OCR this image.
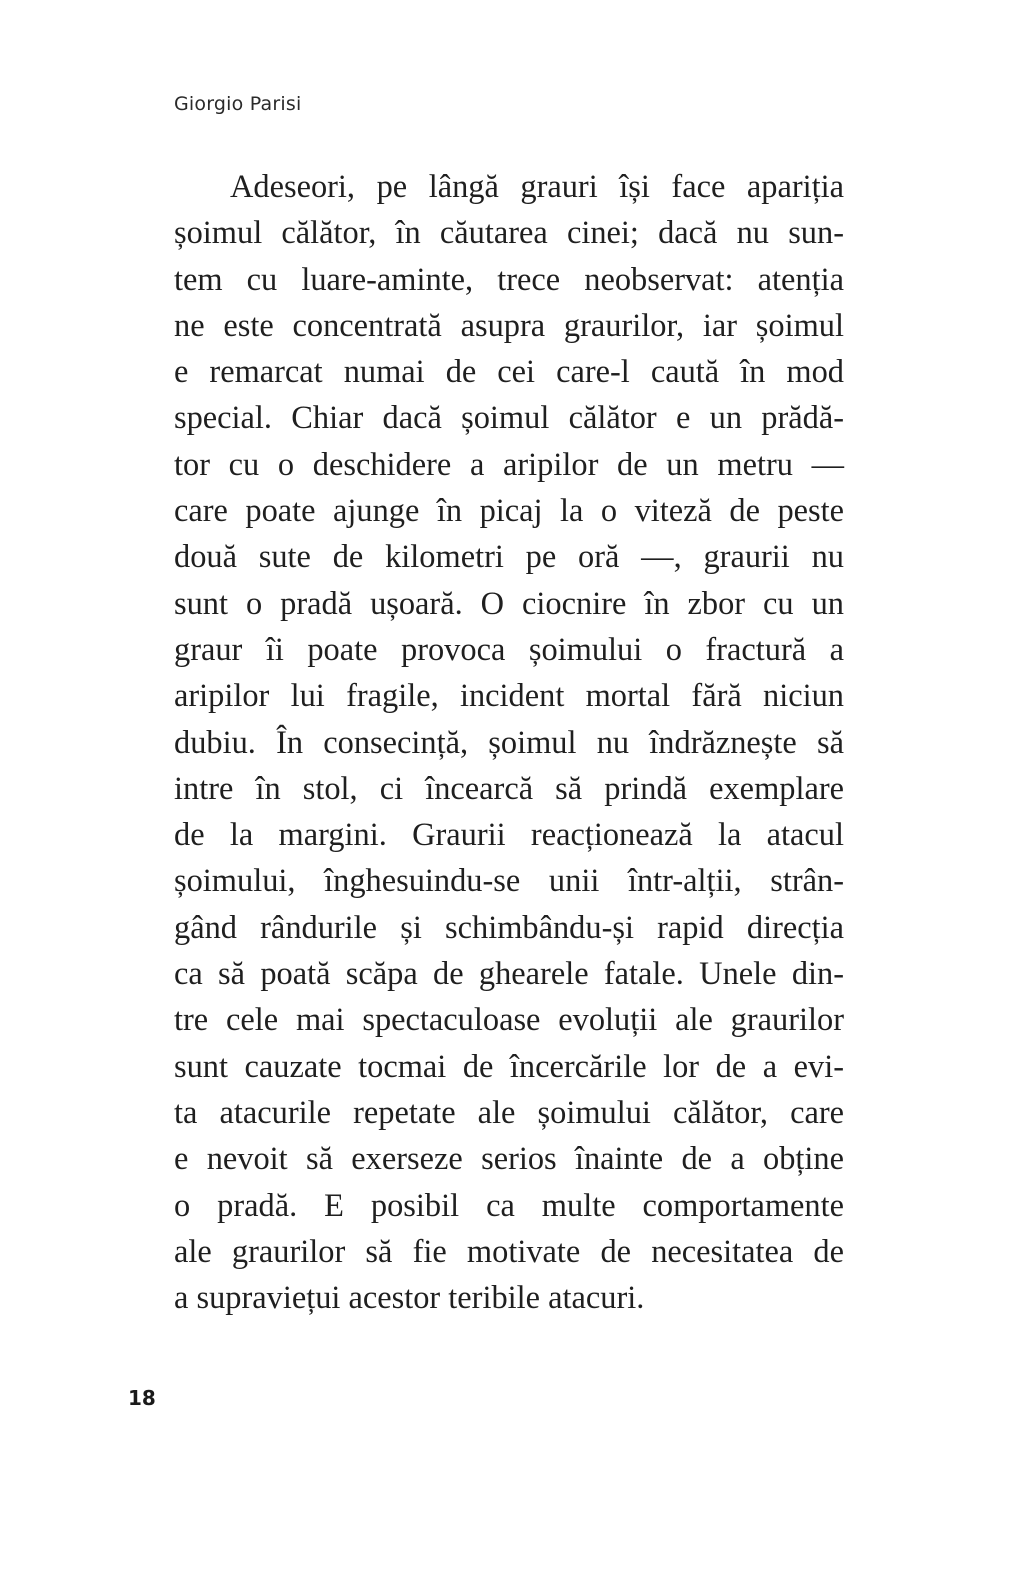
Giorgio Parisi
Adeseori, pe lângă grauri își face apariția
șoimul călător, în căutarea cinei; dacă nu sun-
tem cu luare-aminte, trece neobservat: atenția
ne este concentrată asupra graurilor, iar șoimul
e remarcat numai de cei care-l caută în mod
special. Chiar dacă șoimul călător e un prădă-
tor cu o deschidere a aripilor de un metru —
care poate ajunge în picaj la o viteză de peste
două sute de kilometri pe oră —, graurii nu
sunt o pradă ușoară. O ciocnire în zbor cu un
graur îi poate provoca șoimului o fractură a
aripilor lui fragile, incident mortal fără niciun
dubiu. În consecință, șoimul nu îndrăznește să
intre în stol, ci încearcă să prindă exemplare
de la margini. Graurii reacționează la atacul
șoimului, înghesuindu-se unii într-alții, strân-
gând rândurile și schimbându-și rapid direcția
ca să poată scăpa de ghearele fatale. Unele din-
tre cele mai spectaculoase evoluții ale graurilor
sunt cauzate tocmai de încercările lor de a evi-
ta atacurile repetate ale șoimului călător, care
e nevoit să exerseze serios înainte de a obține
o pradă. E posibil ca multe comportamente
ale graurilor să fie motivate de necesitatea de
a supraviețui acestor teribile atacuri.
18
